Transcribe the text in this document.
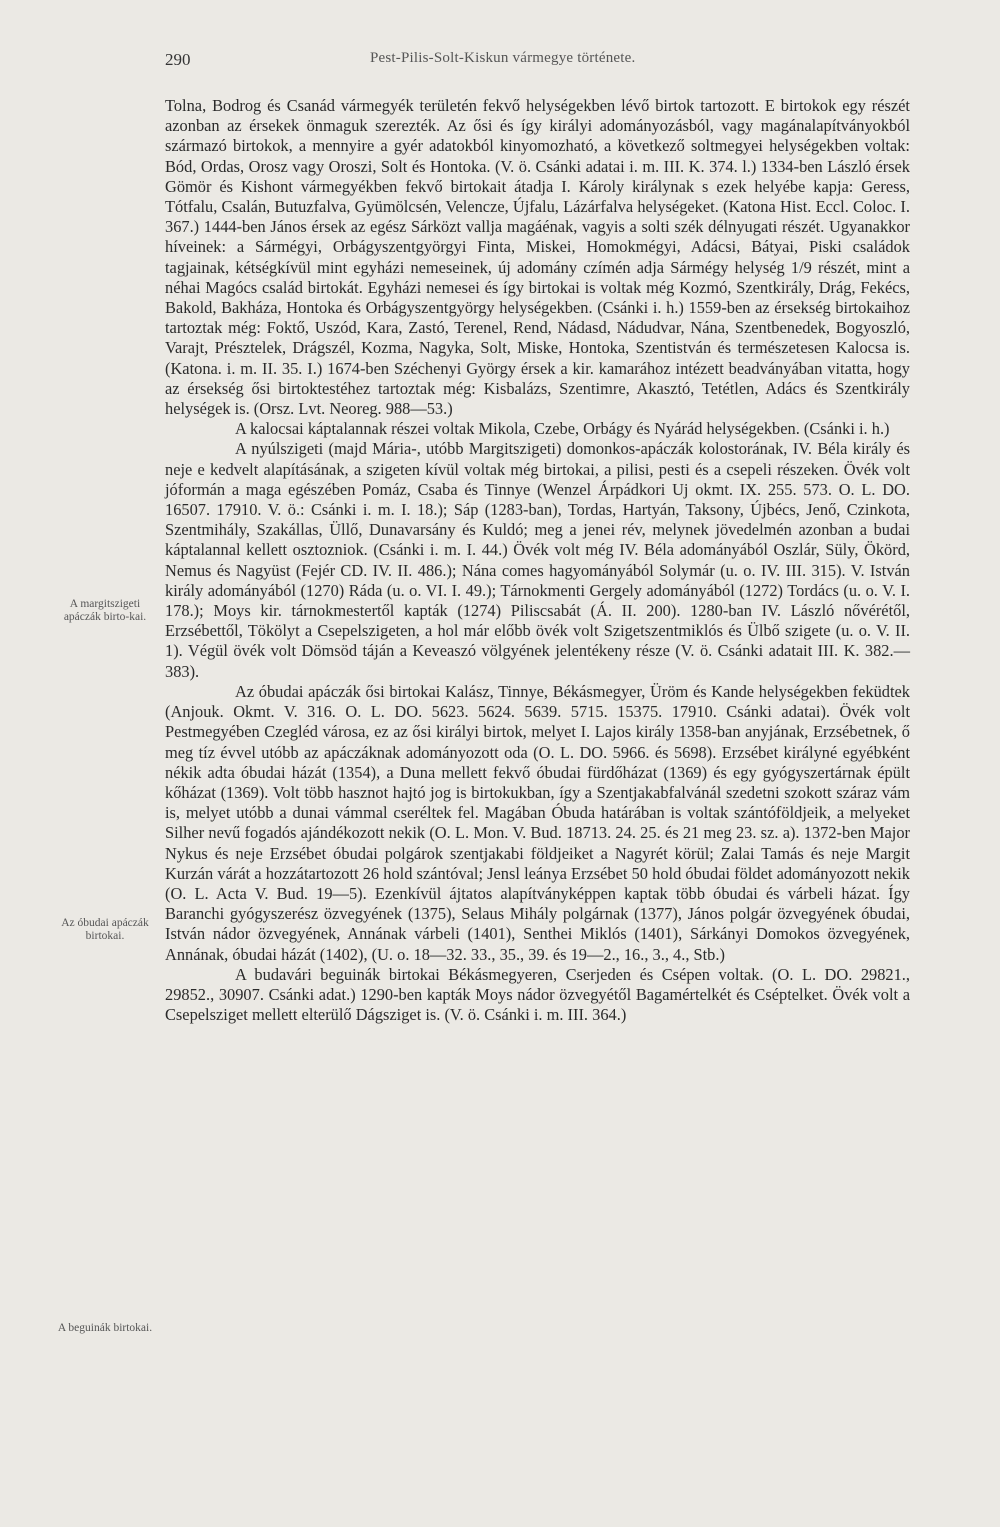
290	Pest-Pilis-Solt-Kiskun vármegye története.
A margitszigeti apáczák birto-kai.
Az óbudai apáczák birtokai.
A beguinák birtokai.

Tolna, Bodrog és Csanád vármegyék területén fekvő helységekben lévő birtok tartozott. E birtokok egy részét azonban az érsekek önmaguk szerezték. Az ősi és így királyi adományozásból, vagy magánalapítványokból származó birtokok, a mennyire a gyér adatokból kinyomozható, a következő soltmegyei helységekben voltak: Bód, Ordas, Orosz vagy Oroszi, Solt és Hontoka. (V. ö. Csánki adatai i. m. III. K. 374. l.) 1334-ben László érsek Gömör és Kishont vármegyékben fekvő birtokait átadja I. Károly királynak s ezek helyébe kapja: Geress, Tótfalu, Csalán, Butuzfalva, Gyümölcsén, Velencze, Újfalu, Lázárfalva helységeket. (Katona Hist. Eccl. Coloc. I. 367.) 1444-ben János érsek az egész Sárközt vallja magáénak, vagyis a solti szék délnyugati részét. Ugyanakkor híveinek: a Sármégyi, Orbágyszentgyörgyi Finta, Miskei, Homokmégyi, Adácsi, Bátyai, Piski családok tagjainak, kétségkívül mint egyházi nemeseinek, új adomány czímén adja Sármégy helység 1/9 részét, mint a néhai Magócs család birtokát. Egyházi nemesei és így birtokai is voltak még Kozmó, Szentkirály, Drág, Fekécs, Bakold, Bakháza, Hontoka és Orbágyszentgyörgy helységekben. (Csánki i. h.) 1559-ben az érsekség birtokaihoz tartoztak még: Foktő, Uszód, Kara, Zastó, Terenel, Rend, Nádasd, Nádudvar, Nána, Szentbenedek, Bogyoszló, Varajt, Présztelek, Drágszél, Kozma, Nagyka, Solt, Miske, Hontoka, Szentistván és természetesen Kalocsa is. (Katona. i. m. II. 35. I.) 1674-ben Széchenyi György érsek a kir. kamarához intézett beadványában vitatta, hogy az érsekség ősi birtoktestéhez tartoztak még: Kisbalázs, Szentimre, Akasztó, Tetétlen, Adács és Szentkirály helységek is. (Orsz. Lvt. Neoreg. 988—53.)

A kalocsai káptalannak részei voltak Mikola, Czebe, Orbágy és Nyárád helységekben. (Csánki i. h.)

A nyúlszigeti (majd Mária-, utóbb Margitszigeti) domonkos-apáczák kolostorának, IV. Béla király és neje e kedvelt alapításának, a szigeten kívül voltak még birtokai, a pilisi, pesti és a csepeli részeken. Övék volt jóformán a maga egészében Pomáz, Csaba és Tinnye (Wenzel Árpádkori Uj okmt. IX. 255. 573. O. L. DO. 16507. 17910. V. ö.: Csánki i. m. I. 18.); Sáp (1283-ban), Tordas, Hartyán, Taksony, Újbécs, Jenő, Czinkota, Szentmihály, Szakállas, Üllő, Dunavarsány és Kuldó; meg a jenei rév, melynek jövedelmén azonban a budai káptalannal kellett osztozniok. (Csánki i. m. I. 44.) Övék volt még IV. Béla adományából Oszlár, Süly, Ökörd, Nemus és Nagyüst (Fejér CD. IV. II. 486.); Nána comes hagyományából Solymár (u. o. IV. III. 315). V. István király adományából (1270) Ráda (u. o. VI. I. 49.); Tárnokmenti Gergely adományából (1272) Tordács (u. o. V. I. 178.); Moys kir. tárnokmestertől kapták (1274) Piliscsabát (Á. II. 200). 1280-ban IV. László nővérétől, Erzsébettől, Tökölyt a Csepelszigeten, a hol már előbb övék volt Szigetszentmiklós és Ülbő szigete (u. o. V. II. 1). Végül övék volt Dömsöd táján a Keveaszó völgyének jelentékeny része (V. ö. Csánki adatait III. K. 382.—383).

Az óbudai apáczák ősi birtokai Kalász, Tinnye, Békásmegyer, Üröm és Kande helységekben feküdtek (Anjouk. Okmt. V. 316. O. L. DO. 5623. 5624. 5639. 5715. 15375. 17910. Csánki adatai). Övék volt Pestmegyében Czegléd városa, ez az ősi királyi birtok, melyet I. Lajos király 1358-ban anyjának, Erzsébetnek, ő meg tíz évvel utóbb az apáczáknak adományozott oda (O. L. DO. 5966. és 5698). Erzsébet királyné egyébként nékik adta óbudai házát (1354), a Duna mellett fekvő óbudai fürdőházat (1369) és egy gyógyszertárnak épült kőházat (1369). Volt több hasznot hajtó jog is birtokukban, így a Szentjakabfalvánál szedetni szokott száraz vám is, melyet utóbb a dunai vámmal cseréltek fel. Magában Óbuda határában is voltak szántóföldjeik, a melyeket Silher nevű fogadós ajándékozott nekik (O. L. Mon. V. Bud. 18713. 24. 25. és 21 meg 23. sz. a). 1372-ben Major Nykus és neje Erzsébet óbudai polgárok szentjakabi földjeiket a Nagyrét körül; Zalai Tamás és neje Margit Kurzán várát a hozzátartozott 26 hold szántóval; Jensl leánya Erzsébet 50 hold óbudai földet adományozott nekik (O. L. Acta V. Bud. 19—5). Ezenkívül ájtatos alapítványképpen kaptak több óbudai és várbeli házat. Így Baranchi gyógyszerész özvegyének (1375), Selaus Mihály polgárnak (1377), János polgár özvegyének óbudai, István nádor özvegyének, Annának várbeli (1401), Senthei Miklós (1401), Sárkányi Domokos özvegyének, Annának, óbudai házát (1402), (U. o. 18—32. 33., 35., 39. és 19—2., 16., 3., 4., Stb.)

A budavári beguinák birtokai Békásmegyeren, Cserjeden és Csépen voltak. (O. L. DO. 29821., 29852., 30907. Csánki adat.) 1290-ben kapták Moys nádor özvegyétől Bagamértelkét és Cséptelket. Övék volt a Csepelsziget mellett elterülő Dágsziget is. (V. ö. Csánki i. m. III. 364.)
